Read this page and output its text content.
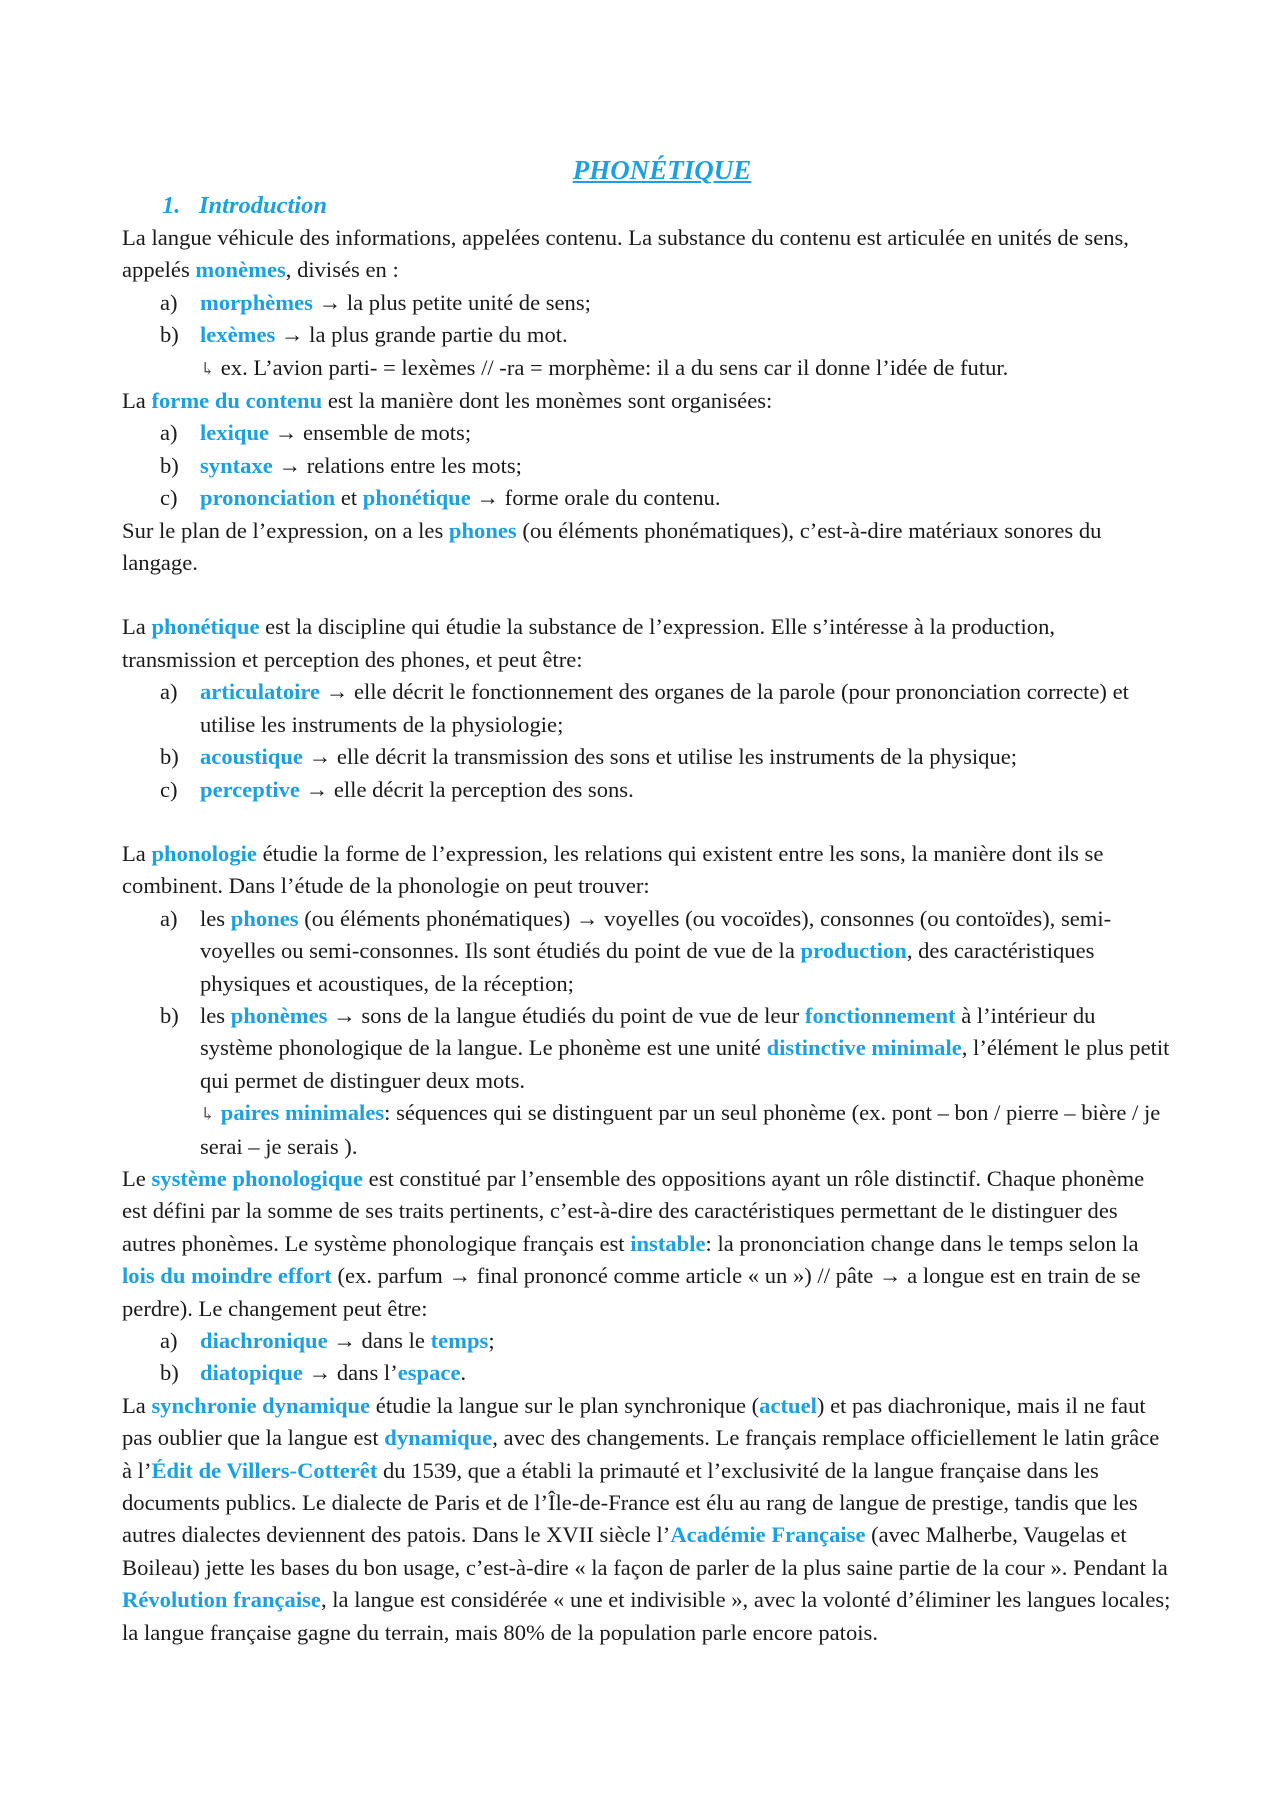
PHONÉTIQUE
1. Introduction

La langue véhicule des informations, appelées contenu. La substance du contenu est articulée en unités de sens, appelés monèmes, divisés en :

a) morphèmes → la plus petite unité de sens;
b) lexèmes → la plus grande partie du mot.

↳ ex. L’avion parti- = lexèmes // -ra = morphème: il a du sens car il donne l’idée de futur.

La forme du contenu est la manière dont les monèmes sont organisées:

a) lexique → ensemble de mots;
b) syntaxe → relations entre les mots;
c) prononciation et phonétique → forme orale du contenu.

Sur le plan de l’expression, on a les phones (ou éléments phonématiques), c’est-à-dire matériaux sonores du langage.

La phonétique est la discipline qui étudie la substance de l’expression. Elle s’intéresse à la production, transmission et perception des phones, et peut être:

a) articulatoire → elle décrit le fonctionnement des organes de la parole (pour prononciation correcte) et utilise les instruments de la physiologie;
b) acoustique → elle décrit la transmission des sons et utilise les instruments de la physique;
c) perceptive → elle décrit la perception des sons.

La phonologie étudie la forme de l’expression, les relations qui existent entre les sons, la manière dont ils se combinent. Dans l’étude de la phonologie on peut trouver:

a) les phones (ou éléments phonématiques) → voyelles (ou vocoïdes), consonnes (ou contoïdes), semi-voyelles ou semi-consonnes. Ils sont étudiés du point de vue de la production, des caractéristiques physiques et acoustiques, de la réception;
b) les phonèmes → sons de la langue étudiés du point de vue de leur fonctionnement à l’intérieur du système phonologique de la langue. Le phonème est une unité distinctive minimale, l’élément le plus petit qui permet de distinguer deux mots.

↳ paires minimales: séquences qui se distinguent par un seul phonème (ex. pont – bon / pierre – bière / je serai – je serais ).

Le système phonologique est constitué par l’ensemble des oppositions ayant un rôle distinctif. Chaque phonème est défini par la somme de ses traits pertinents, c’est-à-dire des caractéristiques permettant de le distinguer des autres phonèmes. Le système phonologique français est instable: la prononciation change dans le temps selon la lois du moindre effort (ex. parfum → final prononcé comme article « un ») // pâte → a longue est en train de se perdre). Le changement peut être:

a) diachronique → dans le temps;
b) diatopique → dans l’espace.

La synchronie dynamique étudie la langue sur le plan synchronique (actuel) et pas diachronique, mais il ne faut pas oublier que la langue est dynamique, avec des changements. Le français remplace officiellement le latin grâce à l’Édit de Villers-Cotterêt du 1539, que a établi la primauté et l’exclusivité de la langue française dans les documents publics. Le dialecte de Paris et de l’Île-de-France est élu au rang de langue de prestige, tandis que les autres dialectes deviennent des patois. Dans le XVII siècle l’Académie Française (avec Malherbe, Vaugelas et Boileau) jette les bases du bon usage, c’est-à-dire « la façon de parler de la plus saine partie de la cour ». Pendant la Révolution française, la langue est considérée « une et indivisible », avec la volonté d’éliminer les langues locales; la langue française gagne du terrain, mais 80% de la population parle encore patois.
